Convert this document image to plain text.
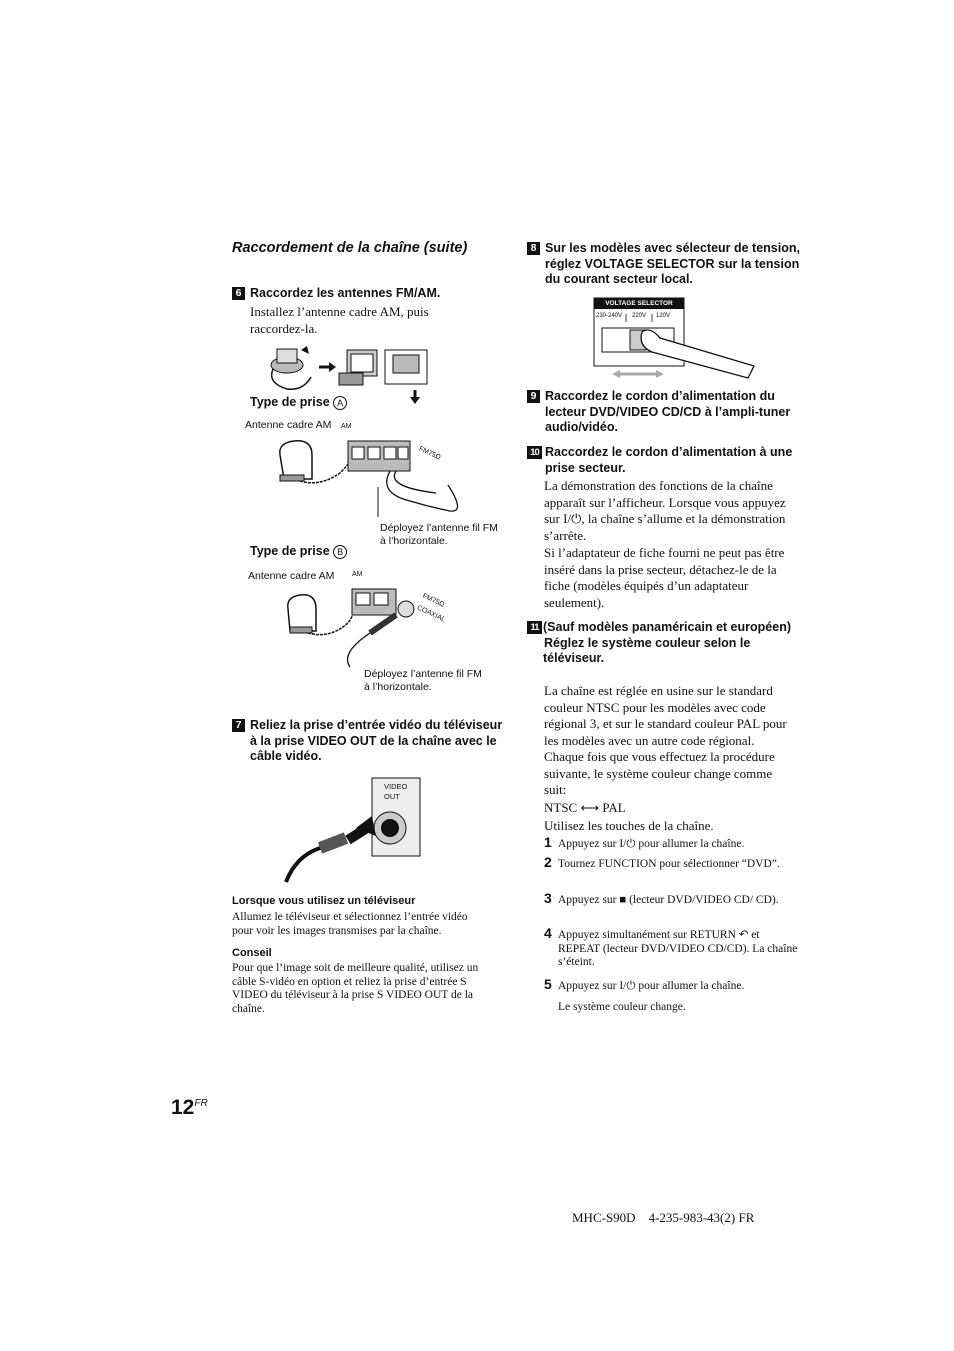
Raccordement de la chaîne (suite)
6 Raccordez les antennes FM/AM.
Installez l’antenne cadre AM, puis raccordez-la.
Type de prise A
Antenne cadre AM AM
FM75Ω
Déployez l’antenne fil FM à l’horizontale.
Type de prise B
Antenne cadre AM	AM
FM75Ω COAXIAL
Déployez l’antenne fil FM à l’horizontale.
7 Reliez la prise d’entrée vidéo du téléviseur à la prise VIDEO OUT de la chaîne avec le câble vidéo.
VIDEO OUT
Lorsque vous utilisez un téléviseur
Allumez le téléviseur et sélectionnez l’entrée vidéo pour voir les images transmises par la chaîne.
Conseil
Pour que l’image soit de meilleure qualité, utilisez un câble S-vidéo en option et reliez la prise d’entrée S VIDEO du téléviseur à la prise S VIDEO OUT de la chaîne.
8 Sur les modèles avec sélecteur de tension, réglez VOLTAGE SELECTOR sur la tension du courant secteur local.
VOLTAGE SELECTOR
230-240V 220V 120V
9 Raccordez le cordon d’alimentation du lecteur DVD/VIDEO CD/CD à l’ampli-tuner audio/vidéo.
10 Raccordez le cordon d’alimentation à une prise secteur.
La démonstration des fonctions de la chaîne apparaît sur l’afficheur. Lorsque vous appuyez sur I/⏻, la chaîne s’allume et la démonstration s’arrête.
Si l’adaptateur de fiche fourni ne peut pas être inséré dans la prise secteur, détachez-le de la fiche (modèles équipés d’un adaptateur seulement).
11 (Sauf modèles panaméricain et européen)
Réglez le système couleur selon le téléviseur.
La chaîne est réglée en usine sur le standard couleur NTSC pour les modèles avec code régional 3, et sur le standard couleur PAL pour les modèles avec un autre code régional. Chaque fois que vous effectuez la procédure suivante, le système couleur change comme suit:
NTSC ⟷ PAL
Utilisez les touches de la chaîne.
1 Appuyez sur I/⏻ pour allumer la chaîne.
2 Tournez FUNCTION pour sélectionner “DVD”.
3 Appuyez sur ■ (lecteur DVD/VIDEO CD/ CD).
4 Appuyez simultanément sur RETURN ↶ et REPEAT (lecteur DVD/VIDEO CD/CD). La chaîne s’éteint.
5 Appuyez sur I/⏻ pour allumer la chaîne.
Le système couleur change.
$12^{FR}$
MHC-S90D    4-235-983-43(2) FR
